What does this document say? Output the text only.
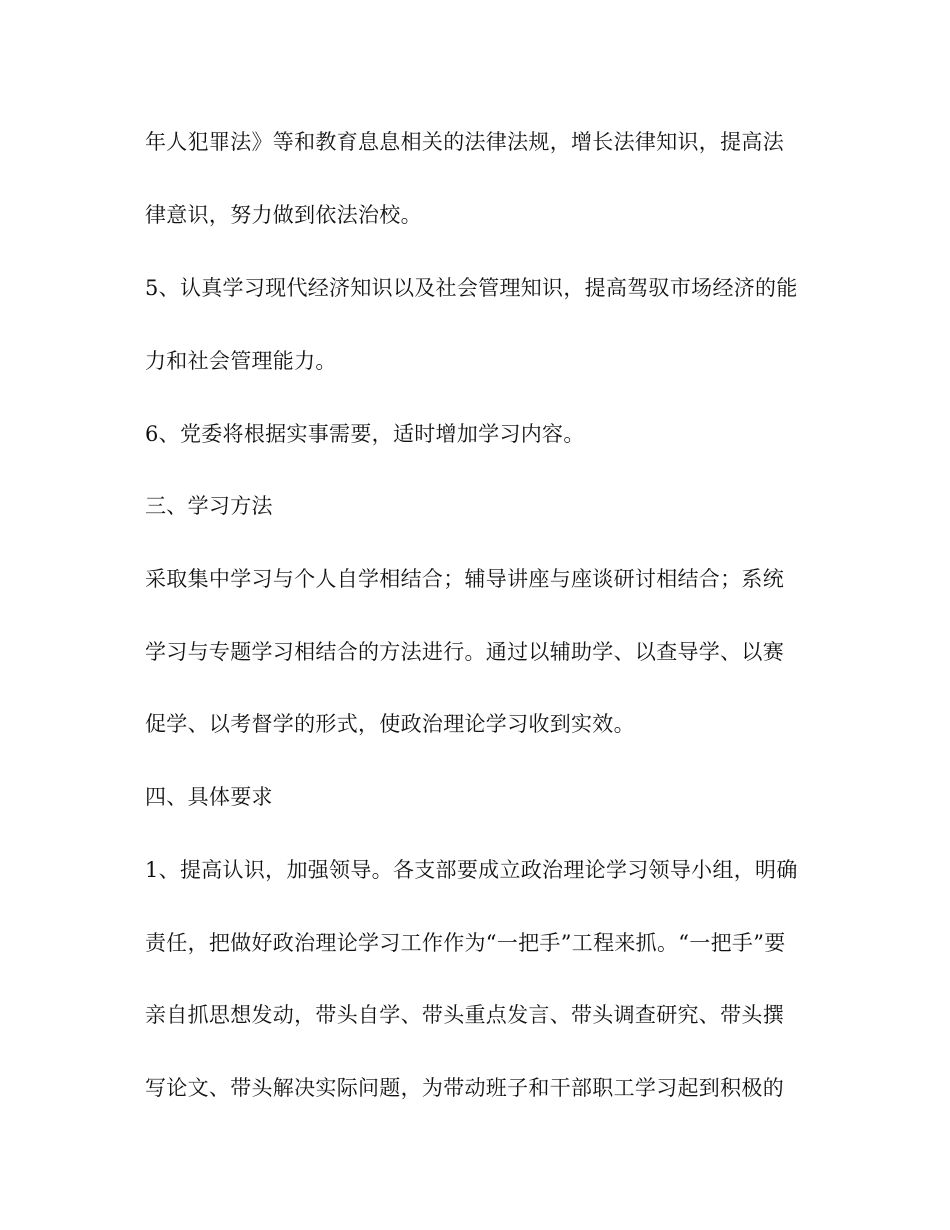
年人犯罪法》等和教育息息相关的法律法规，增长法律知识，提高法
律意识，努力做到依法治校。
5、认真学习现代经济知识以及社会管理知识，提高驾驭市场经济的能
力和社会管理能力。
6、党委将根据实事需要，适时增加学习内容。
三、学习方法
采取集中学习与个人自学相结合；辅导讲座与座谈研讨相结合；系统
学习与专题学习相结合的方法进行。通过以辅助学、以查导学、以赛
促学、以考督学的形式，使政治理论学习收到实效。
四、具体要求
1、提高认识，加强领导。各支部要成立政治理论学习领导小组，明确
责任，把做好政治理论学习工作作为“一把手”工程来抓。“一把手”要
亲自抓思想发动，带头自学、带头重点发言、带头调查研究、带头撰
写论文、带头解决实际问题，为带动班子和干部职工学习起到积极的
